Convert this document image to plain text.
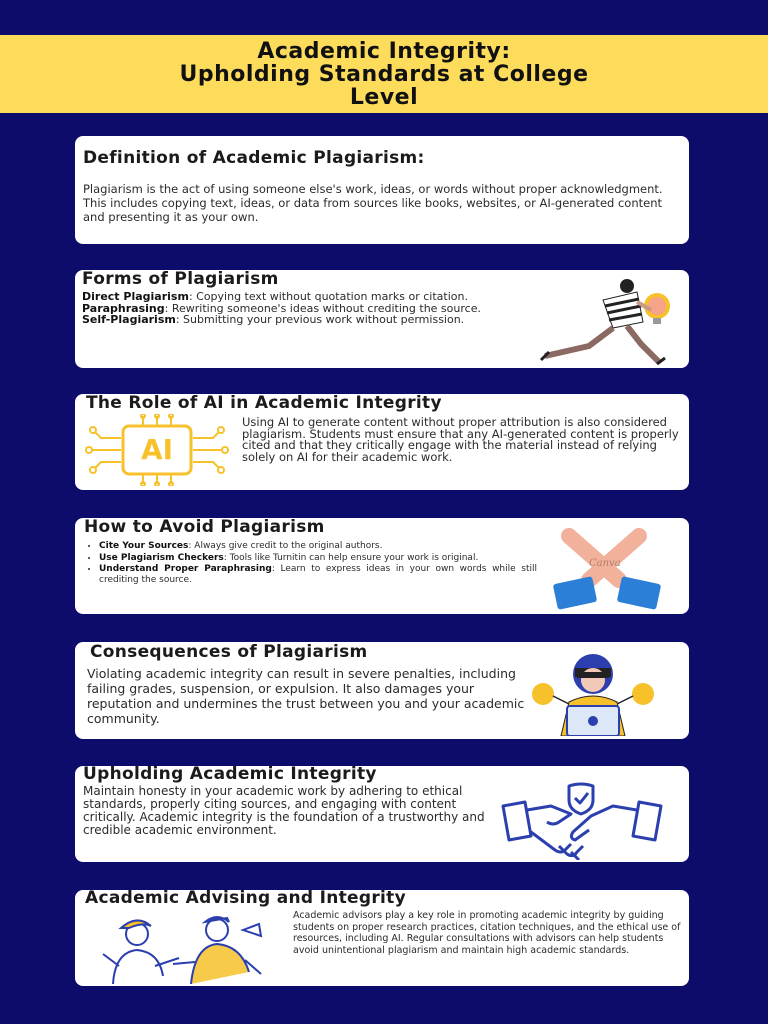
Academic Integrity:
Upholding Standards at College
Level
Definition of Academic Plagiarism:
Plagiarism is the act of using someone else's work, ideas, or words without proper acknowledgment. This includes copying text, ideas, or data from sources like books, websites, or AI-generated content and presenting it as your own.
Forms of Plagiarism

Direct Plagiarism: Copying text without quotation marks or citation.

Paraphrasing: Rewriting someone's ideas without crediting the source.

Self-Plagiarism: Submitting your previous work without permission.

The Role of AI in Academic Integrity
AI
Using AI to generate content without proper attribution is also considered plagiarism. Students must ensure that any AI-generated content is properly cited and that they critically engage with the material instead of relying solely on AI for their academic work.
How to Avoid Plagiarism
• Cite Your Sources: Always give credit to the original authors.
• Use Plagiarism Checkers: Tools like Turnitin can help ensure your work is original.
• Understand Proper Paraphrasing: Learn to express ideas in your own words while still crediting the source.
Canva
Consequences of Plagiarism
Violating academic integrity can result in severe penalties, including failing grades, suspension, or expulsion. It also damages your reputation and undermines the trust between you and your academic community.
Upholding Academic Integrity
Maintain honesty in your academic work by adhering to ethical standards, properly citing sources, and engaging with content critically. Academic integrity is the foundation of a trustworthy and credible academic environment.
Academic Advising and Integrity
Academic advisors play a key role in promoting academic integrity by guiding students on proper research practices, citation techniques, and the ethical use of resources, including AI. Regular consultations with advisors can help students avoid unintentional plagiarism and maintain high academic standards.
